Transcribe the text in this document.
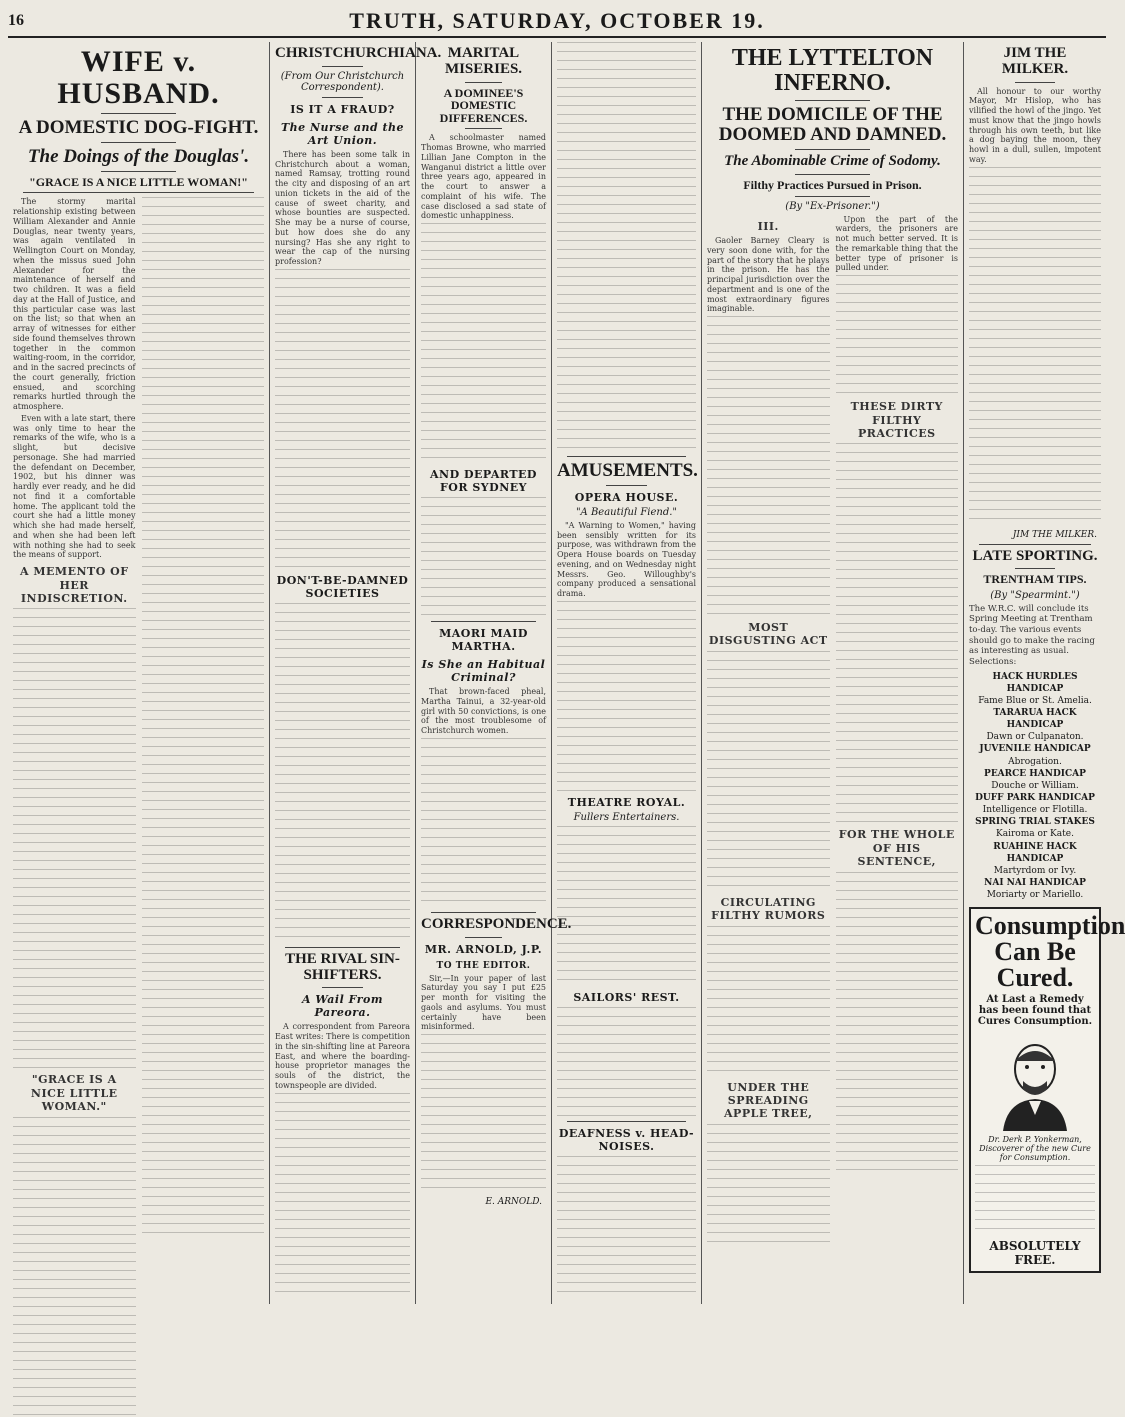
16	TRUTH, SATURDAY, OCTOBER 19.
WIFE v. HUSBAND.
A DOMESTIC DOG-FIGHT.
The Doings of the Douglas'.
"GRACE IS A NICE LITTLE WOMAN!"

The stormy marital relationship existing between William Alexander and Annie Douglas, near twenty years, was again ventilated in Wellington Court on Monday, when the missus sued John Alexander for the maintenance of herself and two children. It was a field day at the Hall of Justice, and this particular case was last on the list; so that when an array of witnesses for either side found themselves thrown together in the common waiting-room, in the corridor, and in the sacred precincts of the court generally, friction ensued, and scorching remarks hurtled through the atmosphere.

Even with a late start, there was only time to hear the remarks of the wife, who is a slight, but decisive personage. She had married the defendant on December, 1902, but his dinner was hardly ever ready, and he did not find it a comfortable home. The applicant told the court she had a little money which she had made herself, and when she had been left with nothing she had to seek the means of support.

A MEMENTO OF HER INDISCRETION.
"GRACE IS A NICE LITTLE WOMAN."
CHRISTCHURCHIANA.
(From Our Christchurch Correspondent).
IS IT A FRAUD?
The Nurse and the Art Union.

There has been some talk in Christchurch about a woman, named Ramsay, trotting round the city and disposing of an art union tickets in the aid of the cause of sweet charity, and whose bounties are suspected. She may be a nurse of course, but how does she do any nursing? Has she any right to wear the cap of the nursing profession?

DON'T-BE-DAMNED SOCIETIES
THE RIVAL SIN-SHIFTERS.
A Wail From Pareora.

A correspondent from Pareora East writes: There is competition in the sin-shifting line at Pareora East, and where the boarding-house proprietor manages the souls of the district, the townspeople are divided.

MARITAL MISERIES.
A DOMINEE'S DOMESTIC DIFFERENCES.

A schoolmaster named Thomas Browne, who married Lillian Jane Compton in the Wanganui district a little over three years ago, appeared in the court to answer a complaint of his wife. The case disclosed a sad state of domestic unhappiness.

AND DEPARTED FOR SYDNEY
MAORI MAID MARTHA.
Is She an Habitual Criminal?

That brown-faced pheal, Martha Tainui, a 32-year-old girl with 50 convictions, is one of the most troublesome of Christchurch women.

CORRESPONDENCE.
MR. ARNOLD, J.P.
TO THE EDITOR.

Sir,—In your paper of last Saturday you say I put £25 per month for visiting the gaols and asylums. You must certainly have been misinformed.

E. ARNOLD.
AMUSEMENTS.
OPERA HOUSE.
"A Beautiful Fiend."

"A Warning to Women," having been sensibly written for its purpose, was withdrawn from the Opera House boards on Tuesday evening, and on Wednesday night Messrs. Geo. Willoughby's company produced a sensational drama.

THEATRE ROYAL.
Fullers Entertainers.
SAILORS' REST.
DEAFNESS v. HEAD-NOISES.
THE LYTTELTON INFERNO.
THE DOMICILE OF THE DOOMED AND DAMNED.
The Abominable Crime of Sodomy.
Filthy Practices Pursued in Prison.
(By "Ex-Prisoner.")
III.

Gaoler Barney Cleary is very soon done with, for the part of the story that he plays in the prison. He has the principal jurisdiction over the department and is one of the most extraordinary figures imaginable.

MOST DISGUSTING ACT
CIRCULATING FILTHY RUMORS
UNDER THE SPREADING APPLE TREE,

Upon the part of the warders, the prisoners are not much better served. It is the remarkable thing that the better type of prisoner is pulled under.

THESE DIRTY FILTHY PRACTICES
FOR THE WHOLE OF HIS SENTENCE,
JIM THE MILKER.

All honour to our worthy Mayor, Mr Hislop, who has vilified the howl of the jingo. Yet must know that the jingo howls through his own teeth, but like a dog baying the moon, they howl in a dull, sullen, impotent way.

JIM THE MILKER.
LATE SPORTING.
TRENTHAM TIPS.
(By "Spearmint.")
The W.R.C. will conclude its Spring Meeting at Trentham to-day. The various events should go to make the racing as interesting as usual. Selections:
HACK HURDLES HANDICAP
Fame Blue or St. Amelia.
TARARUA HACK HANDICAP
Dawn or Culpanaton.
JUVENILE HANDICAP
Abrogation.
PEARCE HANDICAP
Douche or William.
DUFF PARK HANDICAP
Intelligence or Flotilla.
SPRING TRIAL STAKES
Kairoma or Kate.
RUAHINE HACK HANDICAP
Martyrdom or Ivy.
NAI NAI HANDICAP
Moriarty or Mariello.
Consumption Can Be Cured.
At Last a Remedy has been found that Cures Consumption.
Dr. Derk P. Yonkerman, Discoverer of the new Cure for Consumption.
ABSOLUTELY FREE.
